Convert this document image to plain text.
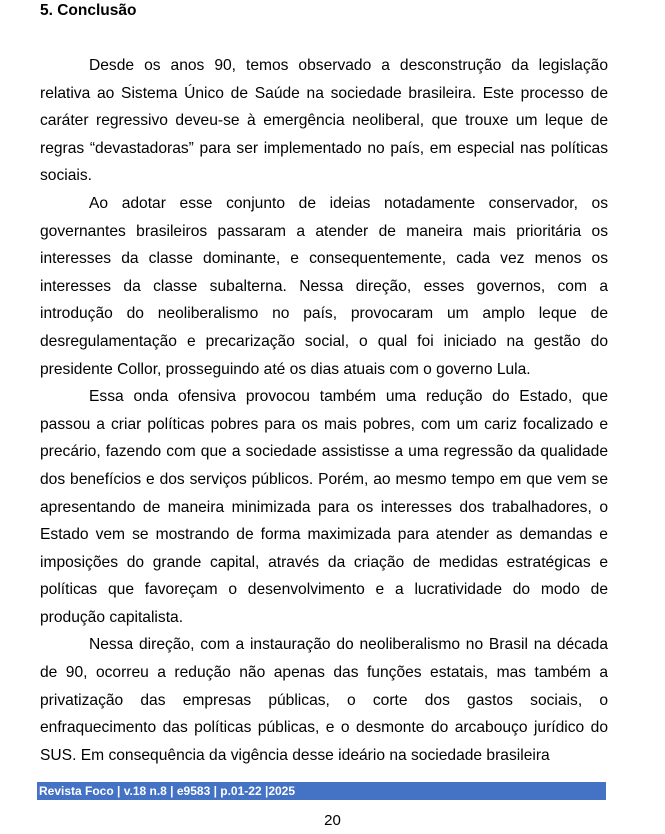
5. Conclusão

Desde os anos 90, temos observado a desconstrução da legislação relativa ao Sistema Único de Saúde na sociedade brasileira. Este processo de caráter regressivo deveu-se à emergência neoliberal, que trouxe um leque de regras “devastadoras” para ser implementado no país, em especial nas políticas sociais.

Ao adotar esse conjunto de ideias notadamente conservador, os governantes brasileiros passaram a atender de maneira mais prioritária os interesses da classe dominante, e consequentemente, cada vez menos os interesses da classe subalterna. Nessa direção, esses governos, com a introdução do neoliberalismo no país, provocaram um amplo leque de desregulamentação e precarização social, o qual foi iniciado na gestão do presidente Collor, prosseguindo até os dias atuais com o governo Lula.

Essa onda ofensiva provocou também uma redução do Estado, que passou a criar políticas pobres para os mais pobres, com um cariz focalizado e precário, fazendo com que a sociedade assistisse a uma regressão da qualidade dos benefícios e dos serviços públicos. Porém, ao mesmo tempo em que vem se apresentando de maneira minimizada para os interesses dos trabalhadores, o Estado vem se mostrando de forma maximizada para atender as demandas e imposições do grande capital, através da criação de medidas estratégicas e políticas que favoreçam o desenvolvimento e a lucratividade do modo de produção capitalista.

Nessa direção, com a instauração do neoliberalismo no Brasil na década de 90, ocorreu a redução não apenas das funções estatais, mas também a privatização das empresas públicas, o corte dos gastos sociais, o enfraquecimento das políticas públicas, e o desmonte do arcabouço jurídico do SUS. Em consequência da vigência desse ideário na sociedade brasileira

Revista Foco | v.18 n.8 | e9583 | p.01-22 |2025
20
